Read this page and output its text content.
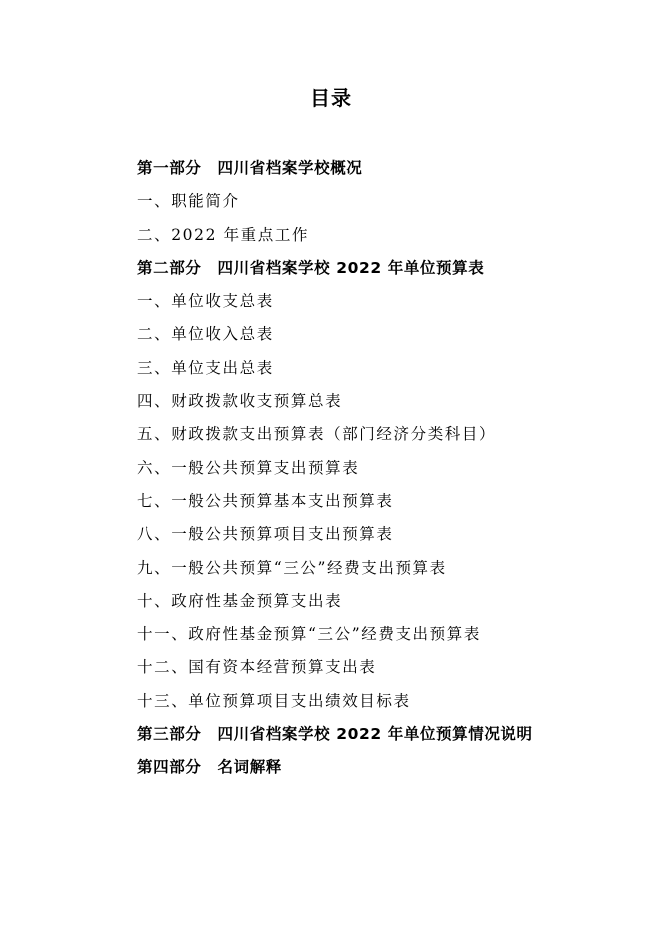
目录
第一部分　四川省档案学校概况
一、职能简介
二、2022 年重点工作
第二部分　四川省档案学校 2022 年单位预算表
一、单位收支总表
二、单位收入总表
三、单位支出总表
四、财政拨款收支预算总表
五、财政拨款支出预算表（部门经济分类科目）
六、一般公共预算支出预算表
七、一般公共预算基本支出预算表
八、一般公共预算项目支出预算表
九、一般公共预算“三公”经费支出预算表
十、政府性基金预算支出表
十一、政府性基金预算“三公”经费支出预算表
十二、国有资本经营预算支出表
十三、单位预算项目支出绩效目标表
第三部分　四川省档案学校 2022 年单位预算情况说明
第四部分　名词解释
